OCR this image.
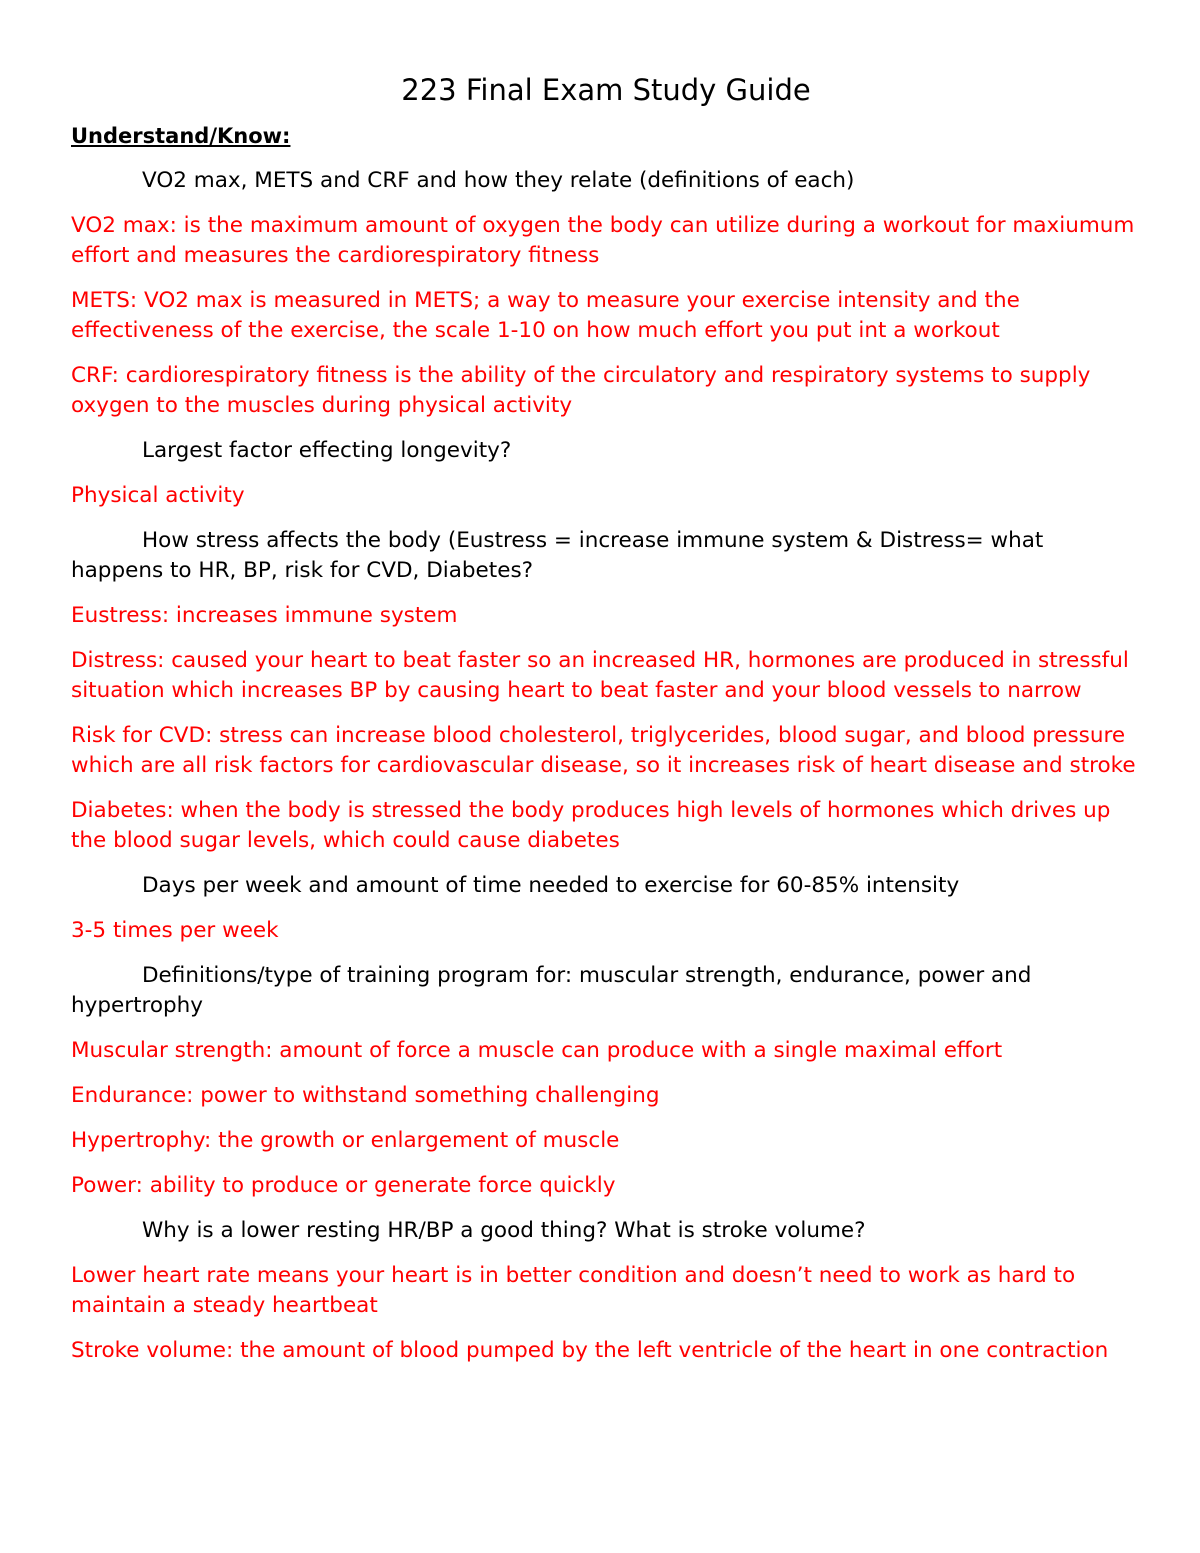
223 Final Exam Study Guide
Understand/Know:

VO2 max, METS and CRF and how they relate (definitions of each)

VO2 max: is the maximum amount of oxygen the body can utilize during a workout for maxiumum effort and measures the cardiorespiratory fitness

METS: VO2 max is measured in METS; a way to measure your exercise intensity and the effectiveness of the exercise, the scale 1-10 on how much effort you put int a workout

CRF: cardiorespiratory fitness is the ability of the circulatory and respiratory systems to supply oxygen to the muscles during physical activity

Largest factor effecting longevity?

Physical activity

How stress affects the body (Eustress = increase immune system & Distress= what happens to HR, BP, risk for CVD, Diabetes?

Eustress: increases immune system

Distress: caused your heart to beat faster so an increased HR, hormones are produced in stressful situation which increases BP by causing heart to beat faster and your blood vessels to narrow

Risk for CVD: stress can increase blood cholesterol, triglycerides, blood sugar, and blood pressure which are all risk factors for cardiovascular disease, so it increases risk of heart disease and stroke

Diabetes: when the body is stressed the body produces high levels of hormones which drives up the blood sugar levels, which could cause diabetes

Days per week and amount of time needed to exercise for 60-85% intensity

3-5 times per week

Definitions/type of training program for: muscular strength, endurance, power and hypertrophy

Muscular strength: amount of force a muscle can produce with a single maximal effort

Endurance: power to withstand something challenging

Hypertrophy: the growth or enlargement of muscle

Power: ability to produce or generate force quickly

Why is a lower resting HR/BP a good thing? What is stroke volume?

Lower heart rate means your heart is in better condition and doesn’t need to work as hard to maintain a steady heartbeat

Stroke volume: the amount of blood pumped by the left ventricle of the heart in one contraction
